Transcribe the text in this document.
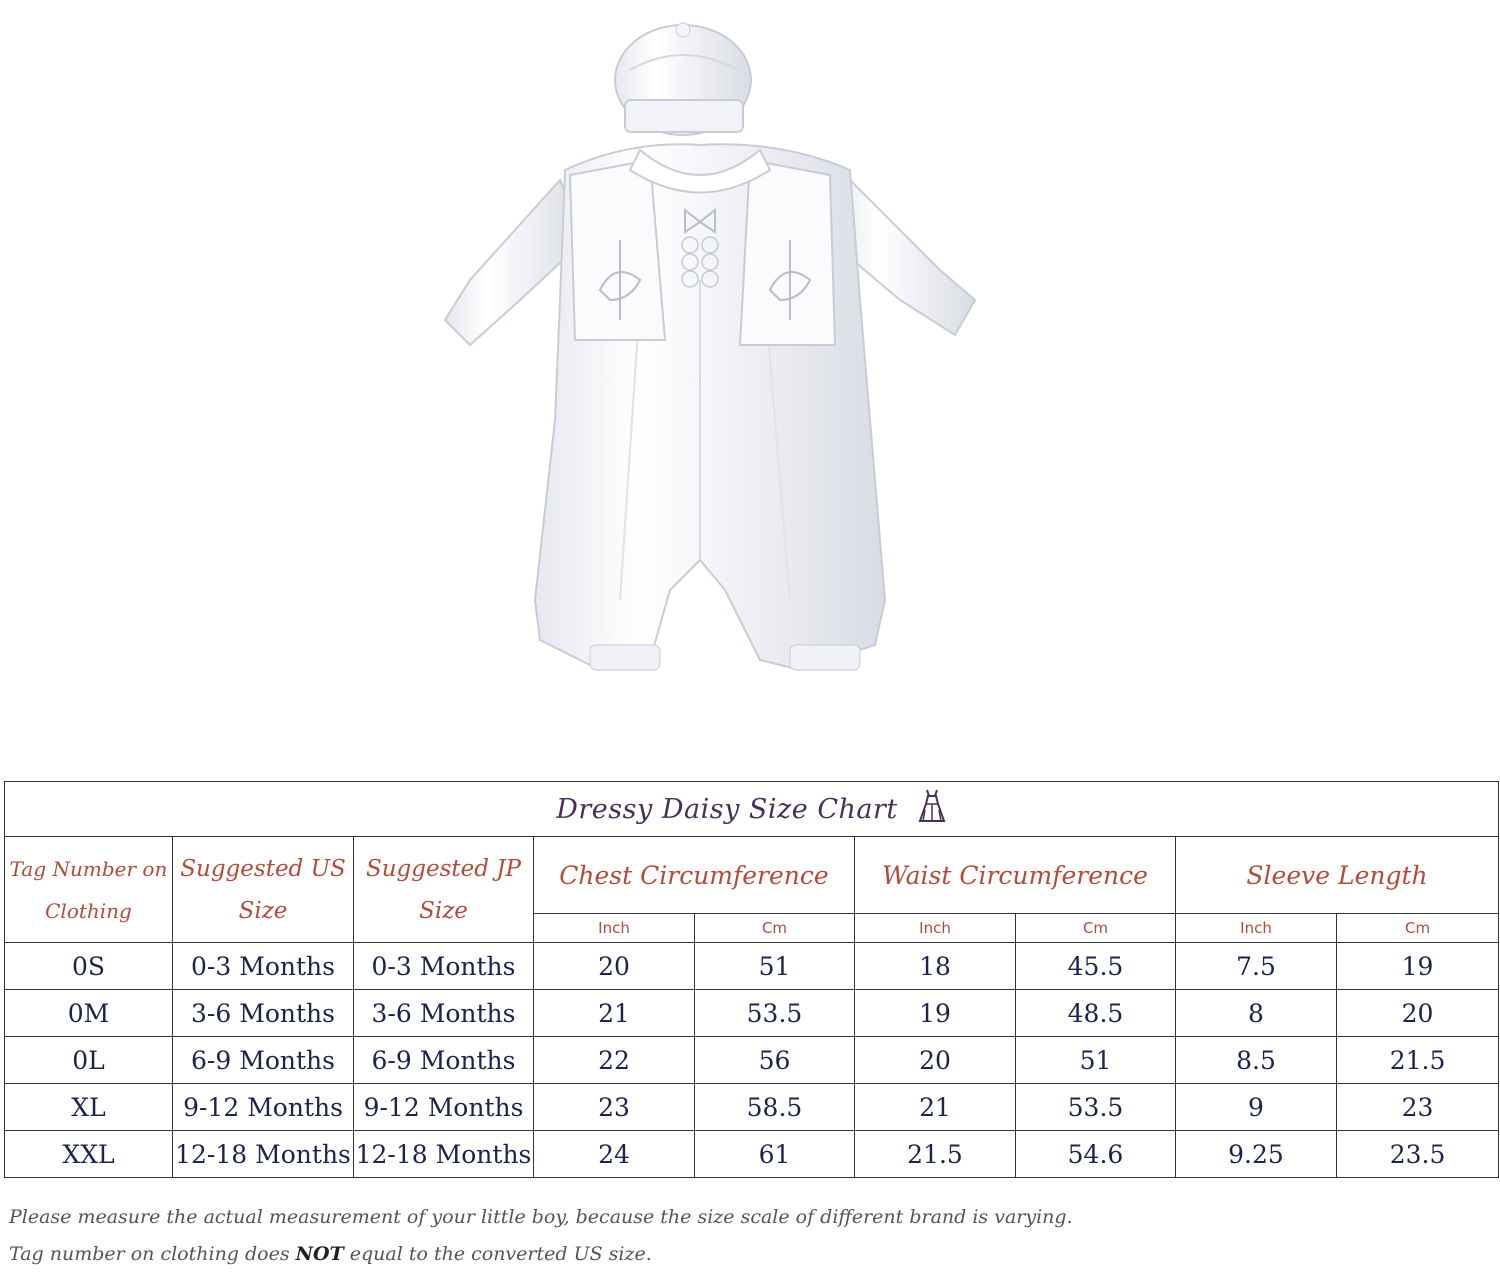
Dressy Daisy Size Chart								
Tag Number on Clothing	Suggested US Size	Suggested JP Size	Chest Circumference		Waist Circumference		Sleeve Length	
			Inch	Cm	Inch	Cm	Inch	Cm
0S	0-3 Months	0-3 Months	20	51	18	45.5	7.5	19
0M	3-6 Months	3-6 Months	21	53.5	19	48.5	8	20
0L	6-9 Months	6-9 Months	22	56	20	51	8.5	21.5
XL	9-12 Months	9-12 Months	23	58.5	21	53.5	9	23
XXL	12-18 Months	12-18 Months	24	61	21.5	54.6	9.25	23.5
Please measure the actual measurement of your little boy, because the size scale of different brand is varying.
Tag number on clothing does NOT equal to the converted US size.
